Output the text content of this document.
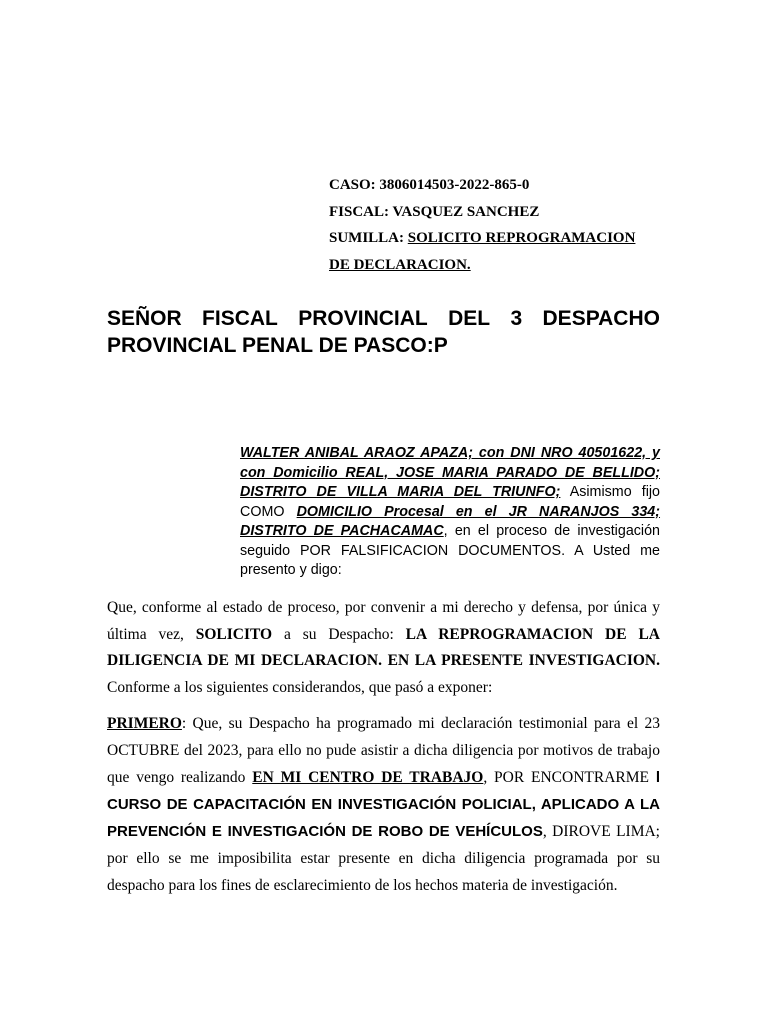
CASO: 3806014503-2022-865-0
FISCAL: VASQUEZ SANCHEZ
SUMILLA: SOLICITO REPROGRAMACION
DE DECLARACION.
SEÑOR FISCAL PROVINCIAL DEL 3 DESPACHO
PROVINCIAL PENAL DE PASCO:P
WALTER ANIBAL ARAOZ APAZA; con DNI NRO 40501622, y con Domicilio REAL, JOSE MARIA PARADO DE BELLIDO; DISTRITO DE VILLA MARIA DEL TRIUNFO; Asimismo fijo COMO DOMICILIO Procesal en el JR NARANJOS 334; DISTRITO DE PACHACAMAC, en el proceso de investigación seguido POR FALSIFICACION DOCUMENTOS. A Usted me presento y digo:
Que, conforme al estado de proceso, por convenir a mi derecho y defensa, por única y última vez, SOLICITO a su Despacho: LA REPROGRAMACION DE LA DILIGENCIA DE MI DECLARACION. EN LA PRESENTE INVESTIGACION. Conforme a los siguientes considerandos, que pasó a exponer:
PRIMERO: Que, su Despacho ha programado mi declaración testimonial para el 23 OCTUBRE del 2023, para ello no pude asistir a dicha diligencia por motivos de trabajo que vengo realizando EN MI CENTRO DE TRABAJO, POR ENCONTRARME l CURSO DE CAPACITACIÓN EN INVESTIGACIÓN POLICIAL, APLICADO A LA PREVENCIÓN E INVESTIGACIÓN DE ROBO DE VEHÍCULOS, DIROVE LIMA; por ello se me imposibilita estar presente en dicha diligencia programada por su despacho para los fines de esclarecimiento de los hechos materia de investigación.
